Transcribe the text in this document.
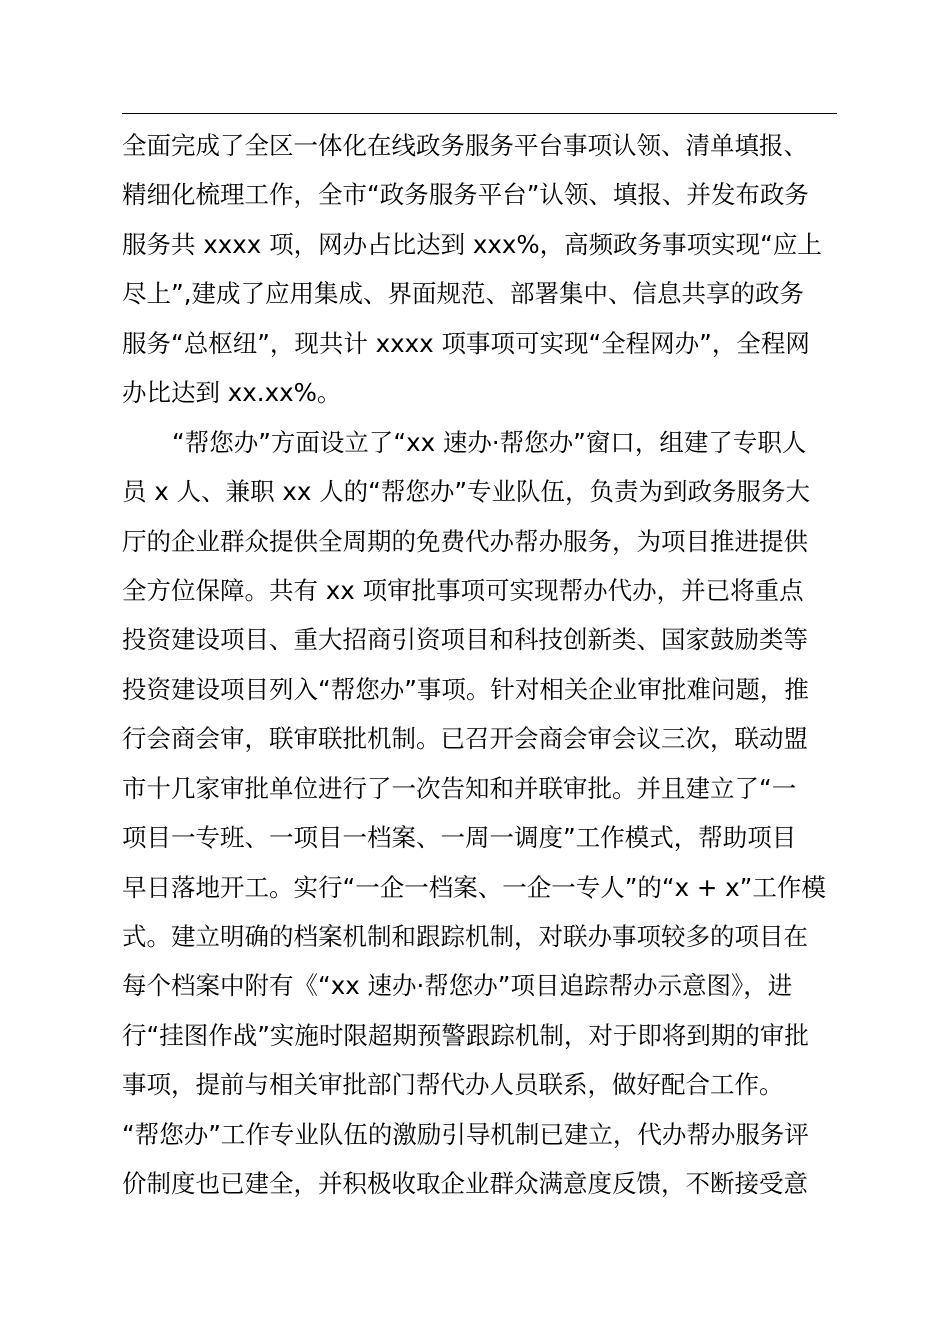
全面完成了全区一体化在线政务服务平台事项认领、清单填报、
精细化梳理工作，全市“政务服务平台”认领、填报、并发布政务
服务共 xxxx 项，网办占比达到 xxx%，高频政务事项实现“应上
尽上”,建成了应用集成、界面规范、部署集中、信息共享的政务
服务“总枢纽”，现共计 xxxx 项事项可实现“全程网办”，全程网
办比达到 xx.xx%。
“帮您办”方面设立了“xx 速办·帮您办”窗口，组建了专职人
员 x 人、兼职 xx 人的“帮您办”专业队伍，负责为到政务服务大
厅的企业群众提供全周期的免费代办帮办服务，为项目推进提供
全方位保障。共有 xx 项审批事项可实现帮办代办，并已将重点
投资建设项目、重大招商引资项目和科技创新类、国家鼓励类等
投资建设项目列入“帮您办”事项。针对相关企业审批难问题，推
行会商会审，联审联批机制。已召开会商会审会议三次，联动盟
市十几家审批单位进行了一次告知和并联审批。并且建立了“一
项目一专班、一项目一档案、一周一调度”工作模式，帮助项目
早日落地开工。实行“一企一档案、一企一专人”的“x + x”工作模
式。建立明确的档案机制和跟踪机制，对联办事项较多的项目在
每个档案中附有《“xx 速办·帮您办”项目追踪帮办示意图》，进
行“挂图作战”实施时限超期预警跟踪机制，对于即将到期的审批
事项，提前与相关审批部门帮代办人员联系，做好配合工作。
“帮您办”工作专业队伍的激励引导机制已建立，代办帮办服务评
价制度也已建全，并积极收取企业群众满意度反馈，不断接受意
